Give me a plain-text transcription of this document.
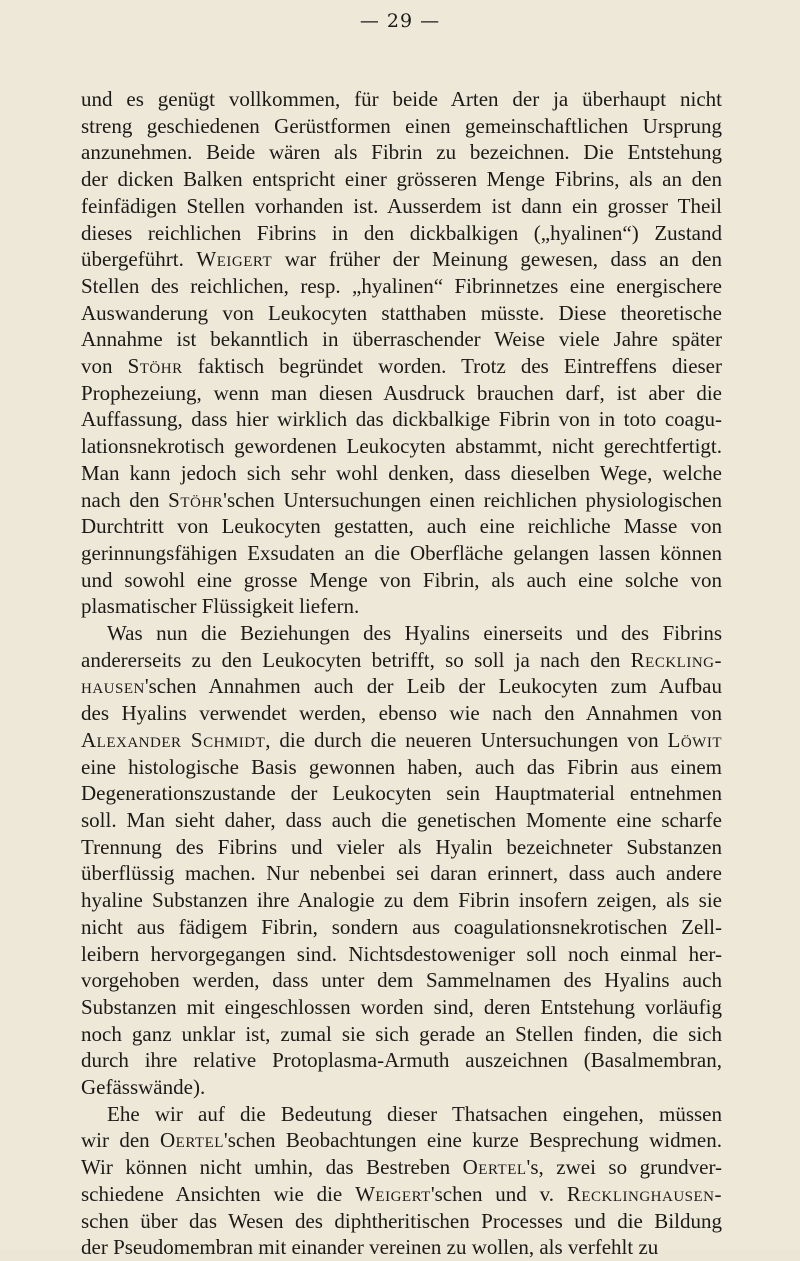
— 29 —
und es genügt vollkommen, für beide Arten der ja überhaupt nicht
streng geschiedenen Gerüstformen einen gemeinschaftlichen Ursprung
anzunehmen. Beide wären als Fibrin zu bezeichnen. Die Entstehung
der dicken Balken entspricht einer grösseren Menge Fibrins, als an den
feinfädigen Stellen vorhanden ist. Ausserdem ist dann ein grosser Theil
dieses reichlichen Fibrins in den dickbalkigen („hyalinen“) Zustand
übergeführt. Weigert war früher der Meinung gewesen, dass an den
Stellen des reichlichen, resp. „hyalinen“ Fibrinnetzes eine energischere
Auswanderung von Leukocyten statthaben müsste. Diese theoretische
Annahme ist bekanntlich in überraschender Weise viele Jahre später
von Stöhr faktisch begründet worden. Trotz des Eintreffens dieser
Prophezeiung, wenn man diesen Ausdruck brauchen darf, ist aber die
Auffassung, dass hier wirklich das dickbalkige Fibrin von in toto coagu-
lationsnekrotisch gewordenen Leukocyten abstammt, nicht gerechtfertigt.
Man kann jedoch sich sehr wohl denken, dass dieselben Wege, welche
nach den Stöhr'schen Untersuchungen einen reichlichen physiologischen
Durchtritt von Leukocyten gestatten, auch eine reichliche Masse von
gerinnungsfähigen Exsudaten an die Oberfläche gelangen lassen können
und sowohl eine grosse Menge von Fibrin, als auch eine solche von
plasmatischer Flüssigkeit liefern.
Was nun die Beziehungen des Hyalins einerseits und des Fibrins
andererseits zu den Leukocyten betrifft, so soll ja nach den Reckling-
hausen'schen Annahmen auch der Leib der Leukocyten zum Aufbau
des Hyalins verwendet werden, ebenso wie nach den Annahmen von
Alexander Schmidt, die durch die neueren Untersuchungen von Löwit
eine histologische Basis gewonnen haben, auch das Fibrin aus einem
Degenerationszustande der Leukocyten sein Hauptmaterial entnehmen
soll. Man sieht daher, dass auch die genetischen Momente eine scharfe
Trennung des Fibrins und vieler als Hyalin bezeichneter Substanzen
überflüssig machen. Nur nebenbei sei daran erinnert, dass auch andere
hyaline Substanzen ihre Analogie zu dem Fibrin insofern zeigen, als sie
nicht aus fädigem Fibrin, sondern aus coagulationsnekrotischen Zell-
leibern hervorgegangen sind. Nichtsdestoweniger soll noch einmal her-
vorgehoben werden, dass unter dem Sammelnamen des Hyalins auch
Substanzen mit eingeschlossen worden sind, deren Entstehung vorläufig
noch ganz unklar ist, zumal sie sich gerade an Stellen finden, die sich
durch ihre relative Protoplasma-Armuth auszeichnen (Basalmembran,
Gefässwände).
Ehe wir auf die Bedeutung dieser Thatsachen eingehen, müssen
wir den Oertel'schen Beobachtungen eine kurze Besprechung widmen.
Wir können nicht umhin, das Bestreben Oertel's, zwei so grundver-
schiedene Ansichten wie die Weigert'schen und v. Recklinghausen-
schen über das Wesen des diphtheritischen Processes und die Bildung
der Pseudomembran mit einander vereinen zu wollen, als verfehlt zu
